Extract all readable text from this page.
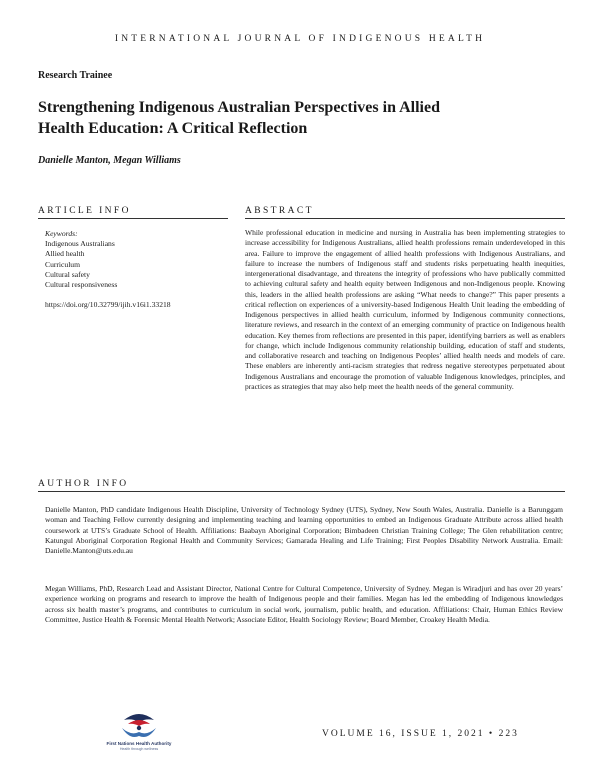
INTERNATIONAL JOURNAL OF INDIGENOUS HEALTH
Research Trainee
Strengthening Indigenous Australian Perspectives in Allied Health Education: A Critical Reflection
Danielle Manton, Megan Williams
ARTICLE INFO	ABSTRACT
Keywords:
Indigenous Australians
Allied health
Curriculum
Cultural safety
Cultural responsiveness
https://doi.org/10.32799/ijih.v16i1.33218
While professional education in medicine and nursing in Australia has been implementing strategies to increase accessibility for Indigenous Australians, allied health professions remain underdeveloped in this area. Failure to improve the engagement of allied health professions with Indigenous Australians, and failure to increase the numbers of Indigenous staff and students risks perpetuating health inequities, intergenerational disadvantage, and threatens the integrity of professions who have publically committed to achieving cultural safety and health equity between Indigenous and non-Indigenous people. Knowing this, leaders in the allied health professions are asking “What needs to change?” This paper presents a critical reflection on experiences of a university-based Indigenous Health Unit leading the embedding of Indigenous perspectives in allied health curriculum, informed by Indigenous community connections, literature reviews, and research in the context of an emerging community of practice on Indigenous health education. Key themes from reflections are presented in this paper, identifying barriers as well as enablers for change, which include Indigenous community relationship building, education of staff and students, and collaborative research and teaching on Indigenous Peoples’ allied health needs and models of care. These enablers are inherently anti-racism strategies that redress negative stereotypes perpetuated about Indigenous Australians and encourage the promotion of valuable Indigenous knowledges, principles, and practices as strategies that may also help meet the health needs of the general community.
AUTHOR INFO
Danielle Manton, PhD candidate Indigenous Health Discipline, University of Technology Sydney (UTS), Sydney, New South Wales, Australia. Danielle is a Barunggam woman and Teaching Fellow currently designing and implementing teaching and learning opportunities to embed an Indigenous Graduate Attribute across allied health coursework at UTS’s Graduate School of Health. Affiliations: Baabayn Aboriginal Corporation; Bimbadeen Christian Training College; The Glen rehabilitation centre; Katungul Aboriginal Corporation Regional Health and Community Services; Gamarada Healing and Life Training; First Peoples Disability Network Australia. Email: Danielle.Manton@uts.edu.au
Megan Williams, PhD, Research Lead and Assistant Director, National Centre for Cultural Competence, University of Sydney. Megan is Wiradjuri and has over 20 years’ experience working on programs and research to improve the health of Indigenous people and their families. Megan has led the embedding of Indigenous knowledges across six health master’s programs, and contributes to curriculum in social work, journalism, public health, and education. Affiliations: Chair, Human Ethics Review Committee, Justice Health & Forensic Mental Health Network; Associate Editor, Health Sociology Review; Board Member, Croakey Health Media.
First Nations Health Authority
Health through wellness
VOLUME 16, ISSUE 1, 2021 • 223
